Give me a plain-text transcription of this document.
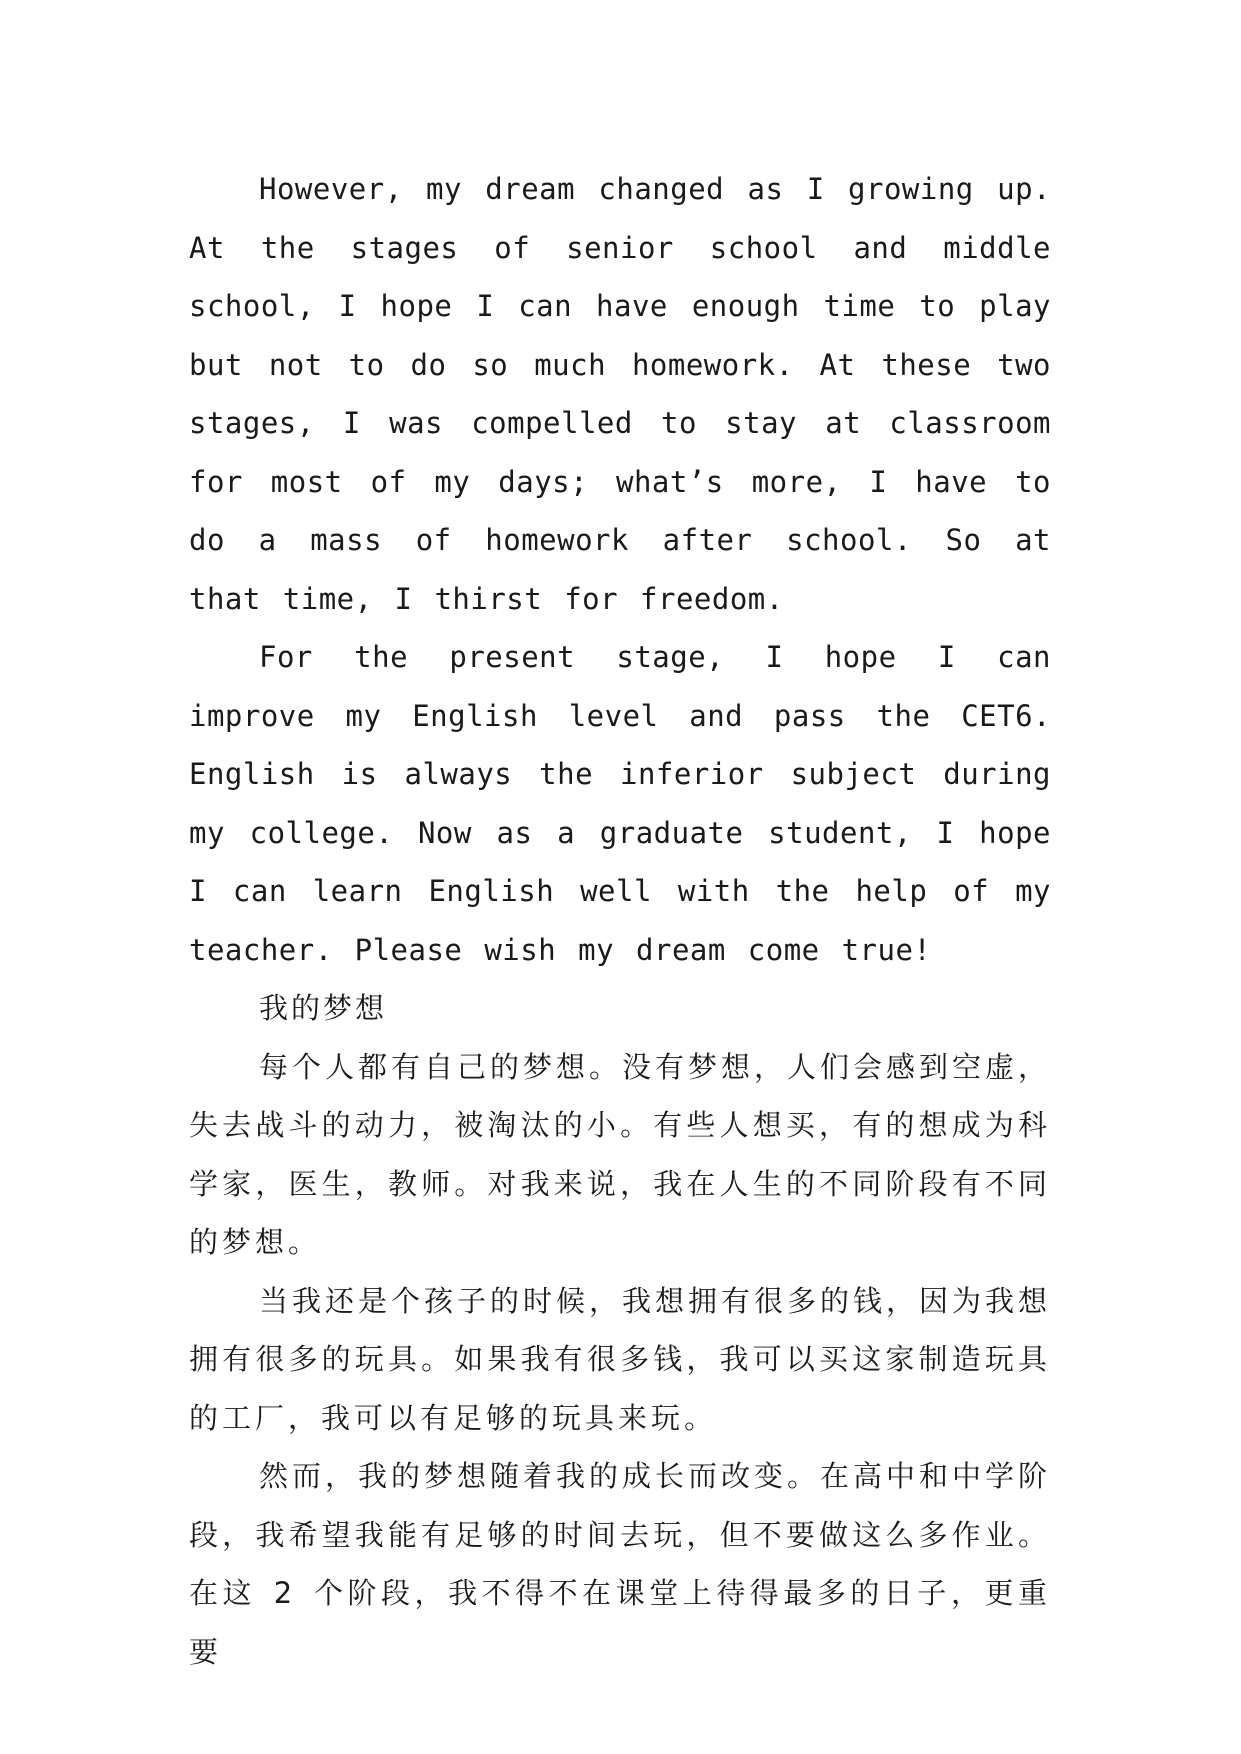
However, my dream changed as I growing up. At the stages of senior school and middle school, I hope I can have enough time to play but not to do so much homework. At these two stages, I was compelled to stay at classroom for most of my days; what’s more, I have to do a mass of homework after school. So at that time, I thirst for freedom.

For the present stage, I hope I can improve my English level and pass the CET6. English is always the inferior subject during my college. Now as a graduate student, I hope I can learn English well with the help of my teacher. Please wish my dream come true!

我的梦想

每个人都有自己的梦想。没有梦想，人们会感到空虚，失去战斗的动力，被淘汰的小。有些人想买，有的想成为科学家，医生，教师。对我来说，我在人生的不同阶段有不同的梦想。

当我还是个孩子的时候，我想拥有很多的钱，因为我想拥有很多的玩具。如果我有很多钱，我可以买这家制造玩具的工厂，我可以有足够的玩具来玩。

然而，我的梦想随着我的成长而改变。在高中和中学阶段，我希望我能有足够的时间去玩，但不要做这么多作业。在这 2 个阶段，我不得不在课堂上待得最多的日子，更重要
